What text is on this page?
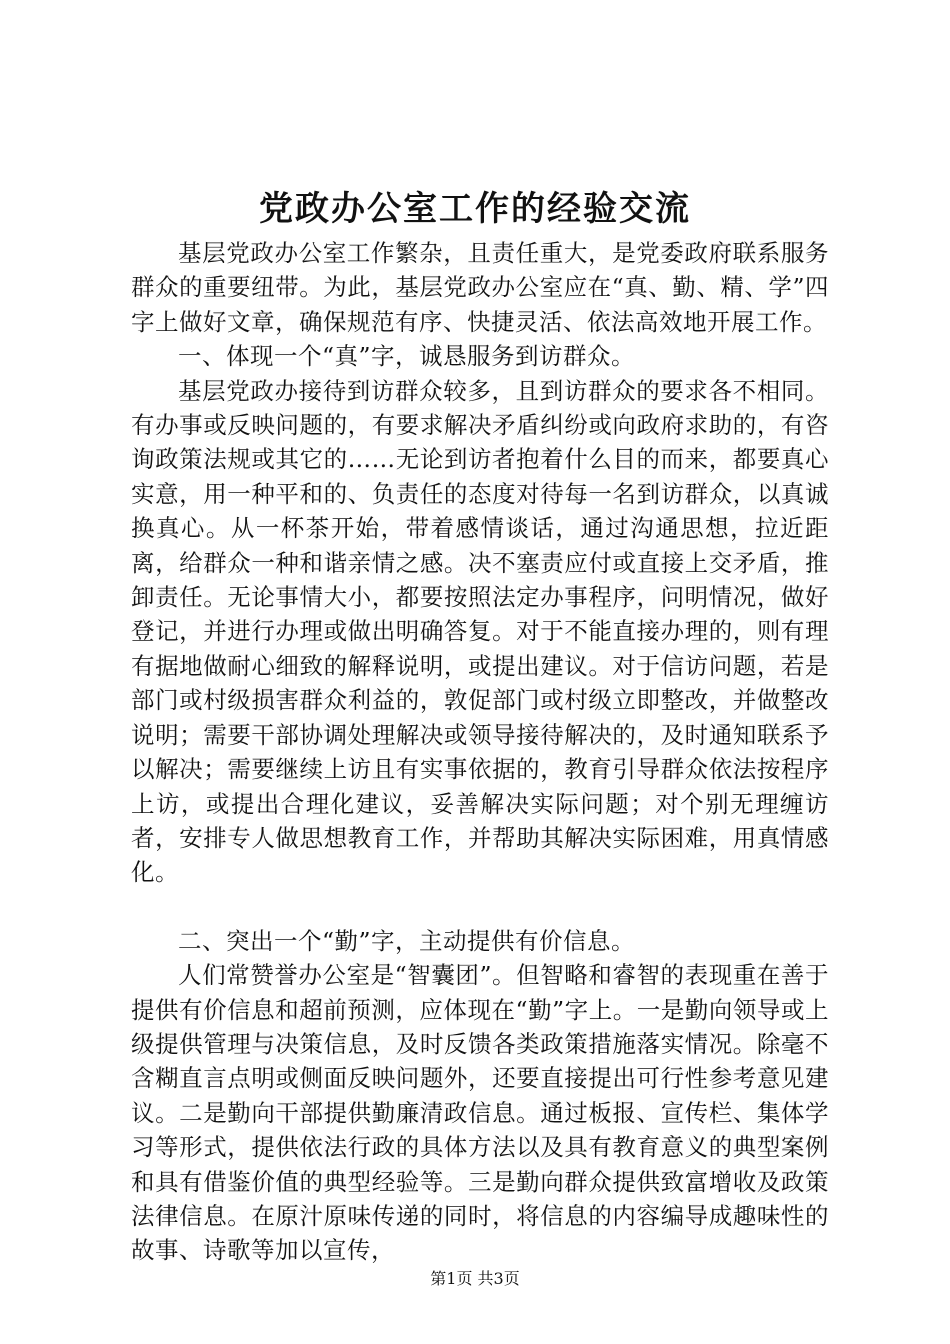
党政办公室工作的经验交流

基层党政办公室工作繁杂，且责任重大，是党委政府联系服务群众的重要纽带。为此，基层党政办公室应在“真、勤、精、学”四字上做好文章，确保规范有序、快捷灵活、依法高效地开展工作。

一、体现一个“真”字，诚恳服务到访群众。

基层党政办接待到访群众较多，且到访群众的要求各不相同。有办事或反映问题的，有要求解决矛盾纠纷或向政府求助的，有咨询政策法规或其它的……无论到访者抱着什么目的而来，都要真心实意，用一种平和的、负责任的态度对待每一名到访群众，以真诚换真心。从一杯茶开始，带着感情谈话，通过沟通思想，拉近距离，给群众一种和谐亲情之感。决不塞责应付或直接上交矛盾，推卸责任。无论事情大小，都要按照法定办事程序，问明情况，做好登记，并进行办理或做出明确答复。对于不能直接办理的，则有理有据地做耐心细致的解释说明，或提出建议。对于信访问题，若是部门或村级损害群众利益的，敦促部门或村级立即整改，并做整改说明；需要干部协调处理解决或领导接待解决的，及时通知联系予以解决；需要继续上访且有实事依据的，教育引导群众依法按程序上访，或提出合理化建议，妥善解决实际问题；对个别无理缠访者，安排专人做思想教育工作，并帮助其解决实际困难，用真情感化。

二、突出一个“勤”字，主动提供有价信息。

人们常赞誉办公室是“智囊团”。但智略和睿智的表现重在善于提供有价信息和超前预测，应体现在“勤”字上。一是勤向领导或上级提供管理与决策信息，及时反馈各类政策措施落实情况。除毫不含糊直言点明或侧面反映问题外，还要直接提出可行性参考意见建议。二是勤向干部提供勤廉清政信息。通过板报、宣传栏、集体学习等形式，提供依法行政的具体方法以及具有教育意义的典型案例和具有借鉴价值的典型经验等。三是勤向群众提供致富增收及政策法律信息。在原汁原味传递的同时，将信息的内容编导成趣味性的故事、诗歌等加以宣传，

第1页 共3页
